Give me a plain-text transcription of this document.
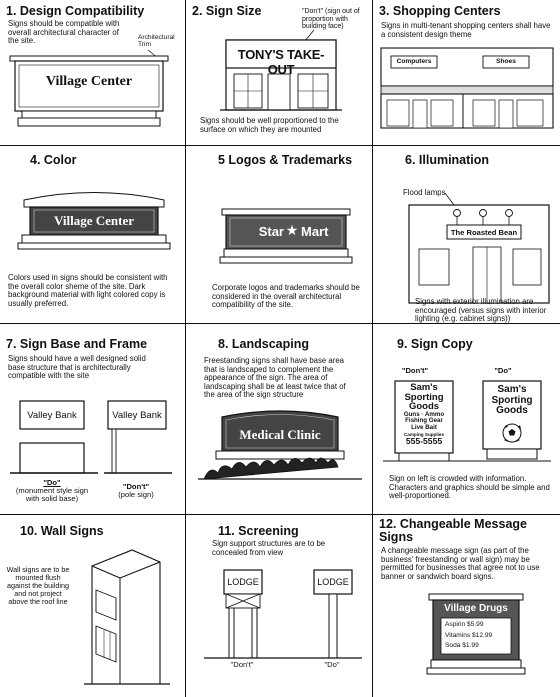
1. Design Compatibility
Signs should be compatible with overall architectural character of the site.	Architectural Trim
Village Center
2. Sign Size	"Don't" (sign out of proportion with building face)
TONY'S TAKE-OUT
Signs should be well proportioned to the surface on which they are mounted
3. Shopping Centers
Signs in multi-tenant shopping centers shall have a consistent design theme
Computers	Shoes
4. Color
Village Center
Colors used in signs should be consistent with the overall color sheme of the site. Dark background material with light colored copy is usually preferred.
5 Logos & Trademarks
Star ★ Mart
Corporate logos and trademarks should be considered in the overall architectural compatibility of the site.
6. Illumination
Flood lamps
The Roasted Bean
Signs with exterior illumination are encouraged (versus signs with interior lighting (e.g. cabinet signs))
7. Sign Base and Frame
Signs should have a well designed solid base structure that is architecturally compatible with the site
Valley Bank	Valley Bank
"Do"
(monument style sign with solid base)
"Don't"
(pole sign)
8. Landscaping
Freestanding signs shall have base area that is landscaped to complement the appearance of the sign. The area of landscaping shall be at least twice that of the area of the sign structure
Medical Clinic
9. Sign Copy
"Don't"	"Do"
Sam's
Sporting
Goods
Guns · Ammo
Fishing Gear
Live Bait
Camping Supplies
555-5555
Sam's
Sporting
Goods
Sign on left is crowded with information. Characters and graphics should be simple and well-proportioned.
10. Wall Signs
Wall signs are to be mounted flush against the building and not project above the roof line
11. Screening
Sign support structures are to be concealed from view
LODGE	LODGE
"Don't"	"Do"
12. Changeable Message Signs
A changeable message sign (as part of the business' freestanding or wall sign) may be permitted for businesses that agree not to use banner or sandwich board signs.
Village Drugs
Aspirin $5.99
Vitamins $12.99
Soda $1.99
